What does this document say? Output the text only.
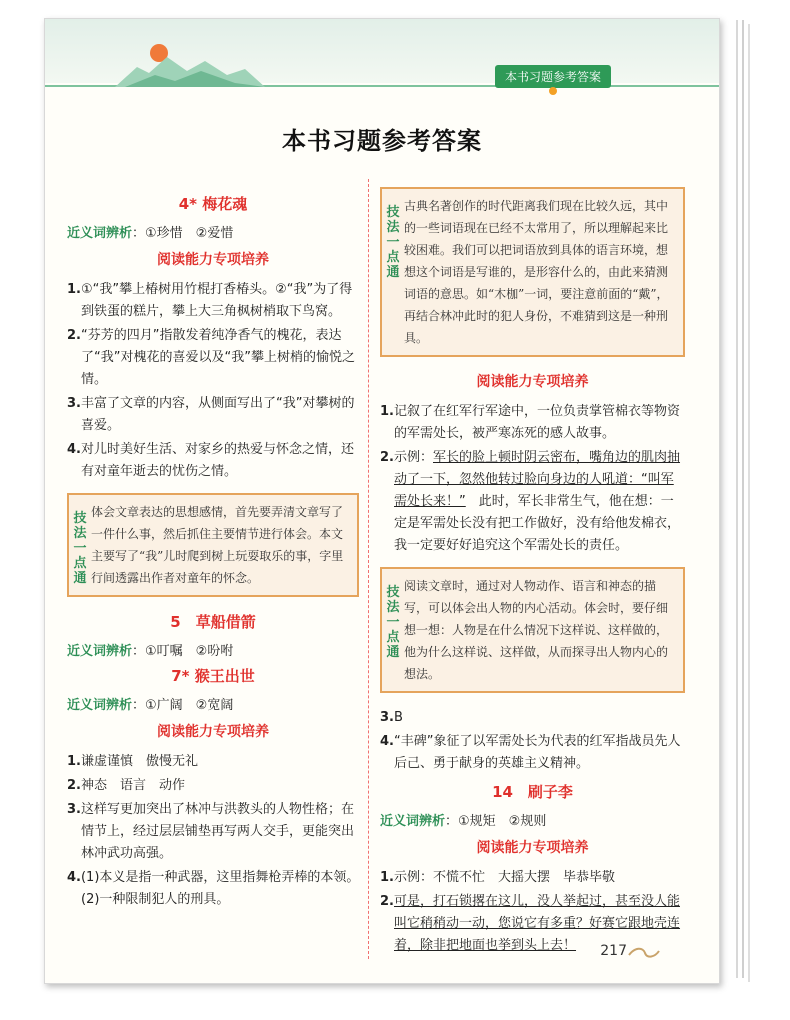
本书习题参考答案
本书习题参考答案
4* 梅花魂
近义词辨析：①珍惜　②爱惜
阅读能力专项培养
1.①“我”攀上椿树用竹棍打香椿头。②“我”为了得到铁蛋的糕片，攀上大三角枫树梢取下鸟窝。
2.“芬芳的四月”指散发着纯净香气的槐花，表达了“我”对槐花的喜爱以及“我”攀上树梢的愉悦之情。
3.丰富了文章的内容，从侧面写出了“我”对攀树的喜爱。
4.对儿时美好生活、对家乡的热爱与怀念之情，还有对童年逝去的忧伤之情。
技
法
一
点
通
体会文章表达的思想感情，首先要弄清文章写了一件什么事，然后抓住主要情节进行体会。本文主要写了“我”儿时爬到树上玩耍取乐的事，字里行间透露出作者对童年的怀念。
5　草船借箭
近义词辨析：①叮嘱　②吩咐
7* 猴王出世
近义词辨析：①广阔　②宽阔
阅读能力专项培养
1.谦虚谨慎　傲慢无礼
2.神态　语言　动作
3.这样写更加突出了林冲与洪教头的人物性格；在情节上，经过层层铺垫再写两人交手，更能突出林冲武功高强。
4.(1)本义是指一种武器，这里指舞枪弄棒的本领。　(2)一种限制犯人的刑具。
技
法
一
点
通
古典名著创作的时代距离我们现在比较久远，其中的一些词语现在已经不太常用了，所以理解起来比较困难。我们可以把词语放到具体的语言环境，想想这个词语是写谁的，是形容什么的，由此来猜测词语的意思。如“木枷”一词，要注意前面的“戴”，再结合林冲此时的犯人身份，不难猜到这是一种刑具。
阅读能力专项培养
1.记叙了在红军行军途中，一位负责掌管棉衣等物资的军需处长，被严寒冻死的感人故事。
2.示例：军长的脸上顿时阴云密布，嘴角边的肌肉抽动了一下，忽然他转过脸向身边的人吼道：“叫军需处长来！”　此时，军长非常生气，他在想：一定是军需处长没有把工作做好，没有给他发棉衣，我一定要好好追究这个军需处长的责任。
技
法
一
点
通
阅读文章时，通过对人物动作、语言和神态的描写，可以体会出人物的内心活动。体会时，要仔细想一想：人物是在什么情况下这样说、这样做的，他为什么这样说、这样做，从而探寻出人物内心的想法。
3.B
4.“丰碑”象征了以军需处长为代表的红军指战员先人后己、勇于献身的英雄主义精神。
14　刷子李
近义词辨析：①规矩　②规则
阅读能力专项培养
1.示例：不慌不忙　大摇大摆　毕恭毕敬
2.可是，打石锁撂在这儿，没人挙起过，甚至没人能叫它稍稍动一动，您说它有多重？好赛它跟地壳连着，除非把地面也挙到头上去！	217
